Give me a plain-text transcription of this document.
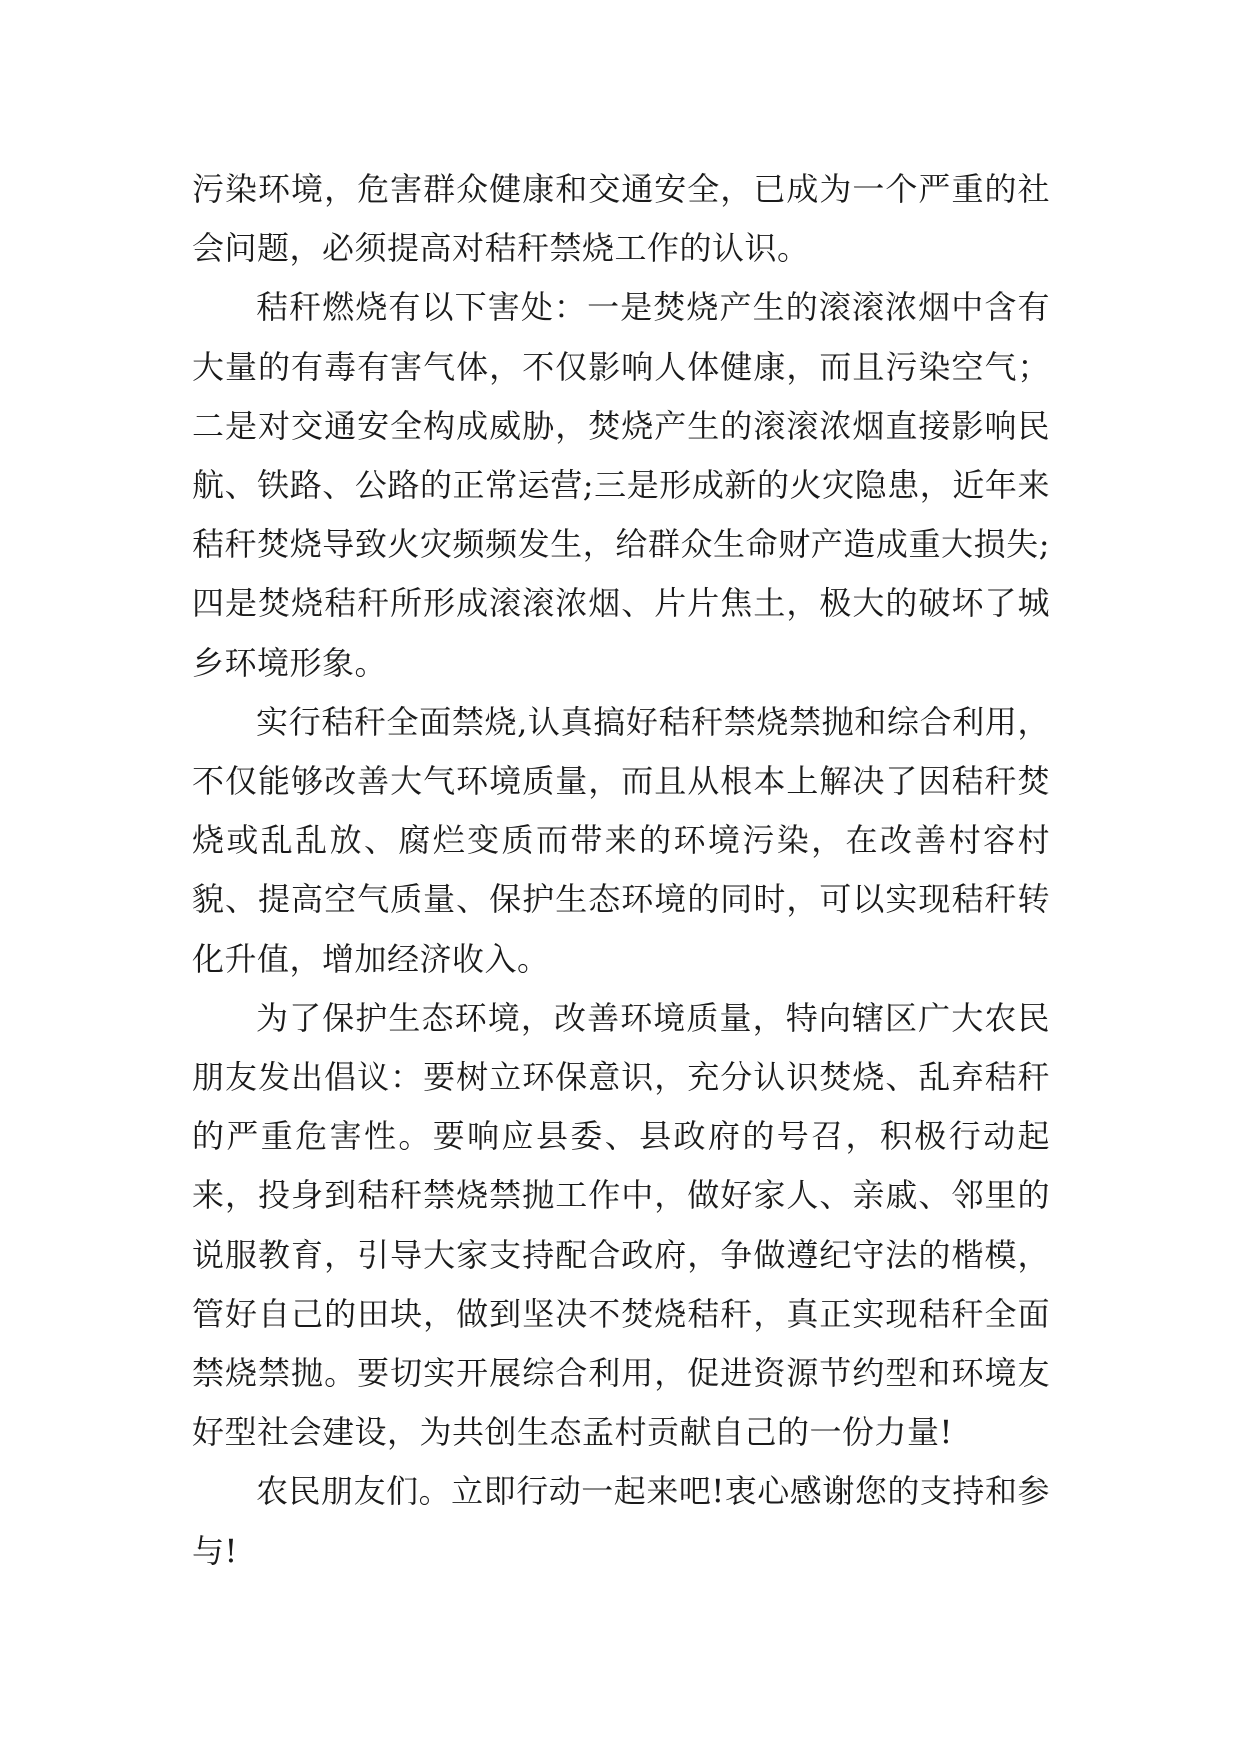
污染环境，危害群众健康和交通安全，已成为一个严重的社会问题，必须提高对秸秆禁烧工作的认识。

秸秆燃烧有以下害处：一是焚烧产生的滚滚浓烟中含有大量的有毒有害气体，不仅影响人体健康，而且污染空气；二是对交通安全构成威胁，焚烧产生的滚滚浓烟直接影响民航、铁路、公路的正常运营;三是形成新的火灾隐患，近年来秸秆焚烧导致火灾频频发生，给群众生命财产造成重大损失;四是焚烧秸秆所形成滚滚浓烟、片片焦土，极大的破坏了城乡环境形象。

实行秸秆全面禁烧,认真搞好秸秆禁烧禁抛和综合利用，不仅能够改善大气环境质量，而且从根本上解决了因秸秆焚烧或乱乱放、腐烂变质而带来的环境污染，在改善村容村貌、提高空气质量、保护生态环境的同时，可以实现秸秆转化升值，增加经济收入。

为了保护生态环境，改善环境质量，特向辖区广大农民朋友发出倡议：要树立环保意识，充分认识焚烧、乱弃秸秆的严重危害性。要响应县委、县政府的号召，积极行动起来，投身到秸秆禁烧禁抛工作中，做好家人、亲戚、邻里的说服教育，引导大家支持配合政府，争做遵纪守法的楷模，管好自己的田块，做到坚决不焚烧秸秆，真正实现秸秆全面禁烧禁抛。要切实开展综合利用，促进资源节约型和环境友好型社会建设，为共创生态孟村贡献自己的一份力量!

农民朋友们。立即行动一起来吧!衷心感谢您的支持和参与!
